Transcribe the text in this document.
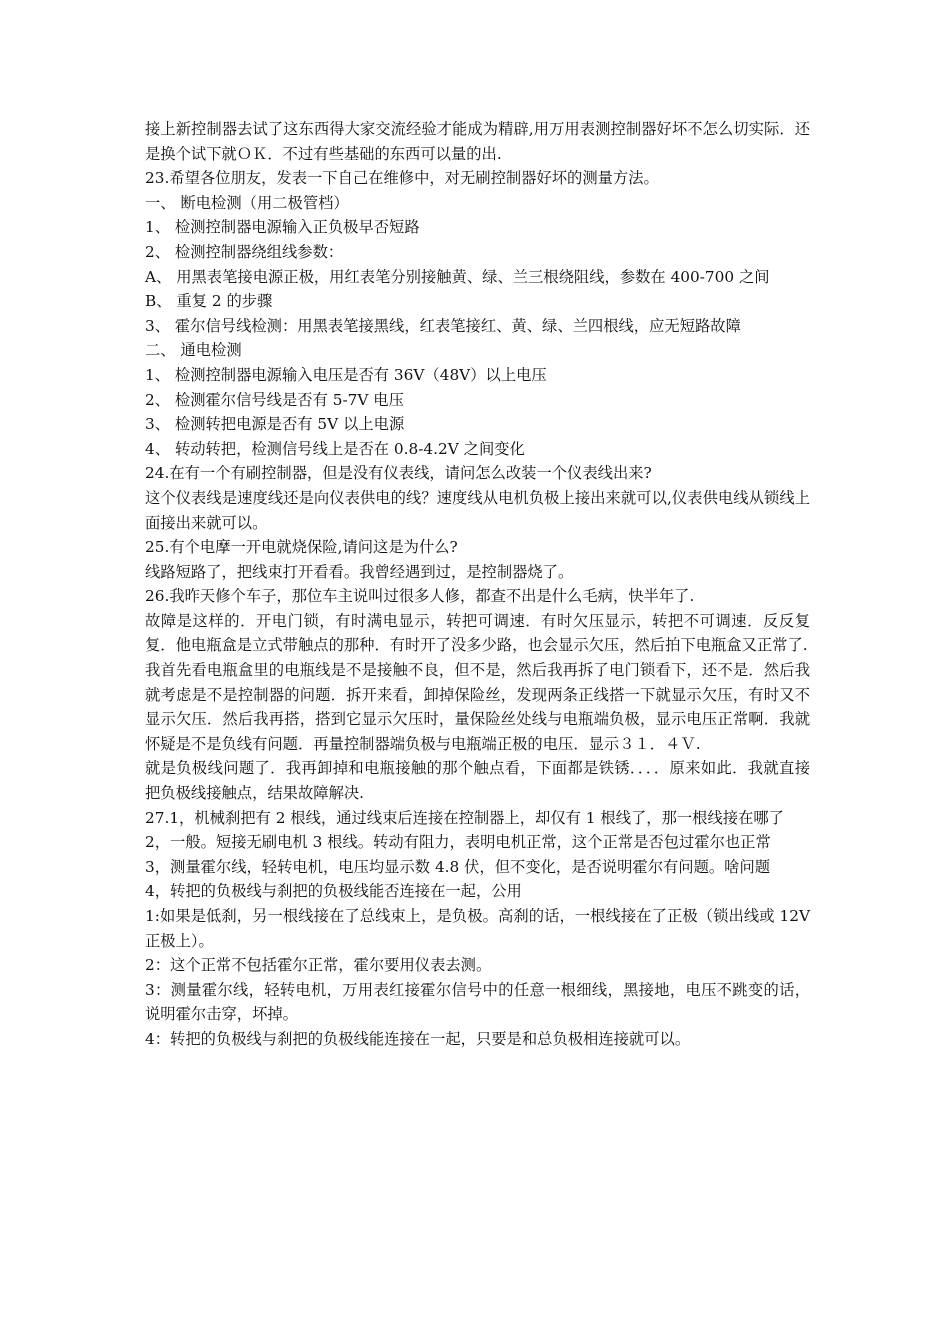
接上新控制器去试了这东西得大家交流经验才能成为精辟,用万用表测控制器好坏不怎么切实际．还是换个试下就ＯＫ．不过有些基础的东西可以量的出.

23.希望各位朋友，发表一下自己在维修中，对无刷控制器好坏的测量方法。

一、 断电检测（用二极管档）

1、 检测控制器电源输入正负极早否短路

2、 检测控制器绕组线参数：

A、 用黑表笔接电源正极，用红表笔分别接触黄、绿、兰三根绕阻线，参数在 400-700 之间

B、 重复 2 的步骤

3、 霍尔信号线检测：用黑表笔接黑线，红表笔接红、黄、绿、兰四根线，应无短路故障

二、 通电检测

1、 检测控制器电源输入电压是否有 36V（48V）以上电压

2、 检测霍尔信号线是否有 5-7V 电压

3、 检测转把电源是否有 5V 以上电源

4、 转动转把，检测信号线上是否在 0.8-4.2V 之间变化

24.在有一个有刷控制器，但是没有仪表线，请问怎么改装一个仪表线出来?

这个仪表线是速度线还是向仪表供电的线？速度线从电机负极上接出来就可以,仪表供电线从锁线上面接出来就可以。

25.有个电摩一开电就烧保险,请问这是为什么?

线路短路了，把线束打开看看。我曾经遇到过，是控制器烧了。

26.我昨天修个车子，那位车主说叫过很多人修，都查不出是什么毛病，快半年了.

故障是这样的．开电门锁，有时满电显示，转把可调速．有时欠压显示，转把不可调速．反反复复．他电瓶盒是立式带触点的那种．有时开了没多少路，也会显示欠压，然后拍下电瓶盒又正常了.

我首先看电瓶盒里的电瓶线是不是接触不良，但不是，然后我再拆了电门锁看下，还不是．然后我就考虑是不是控制器的问题．拆开来看，卸掉保险丝，发现两条正线搭一下就显示欠压，有时又不显示欠压．然后我再搭，搭到它显示欠压时，量保险丝处线与电瓶端负极，显示电压正常啊．我就怀疑是不是负线有问题．再量控制器端负极与电瓶端正极的电压．显示３１．４Ｖ.

就是负极线问题了．我再卸掉和电瓶接触的那个触点看，下面都是铁锈．．．．原来如此．我就直接把负极线接触点，结果故障解决.

27.1，机械刹把有 2 根线，通过线束后连接在控制器上，却仅有 1 根线了，那一根线接在哪了

2，一般。短接无刷电机 3 根线。转动有阻力，表明电机正常，这个正常是否包过霍尔也正常

3，测量霍尔线，轻转电机，电压均显示数 4.8 伏，但不变化，是否说明霍尔有问题。啥问题

4，转把的负极线与刹把的负极线能否连接在一起，公用

1:如果是低刹，另一根线接在了总线束上，是负极。高刹的话，一根线接在了正极（锁出线或 12V 正极上）。

2：这个正常不包括霍尔正常，霍尔要用仪表去测。

3：测量霍尔线，轻转电机，万用表红接霍尔信号中的任意一根细线，黑接地，电压不跳变的话，说明霍尔击穿，坏掉。

4：转把的负极线与刹把的负极线能连接在一起，只要是和总负极相连接就可以。
